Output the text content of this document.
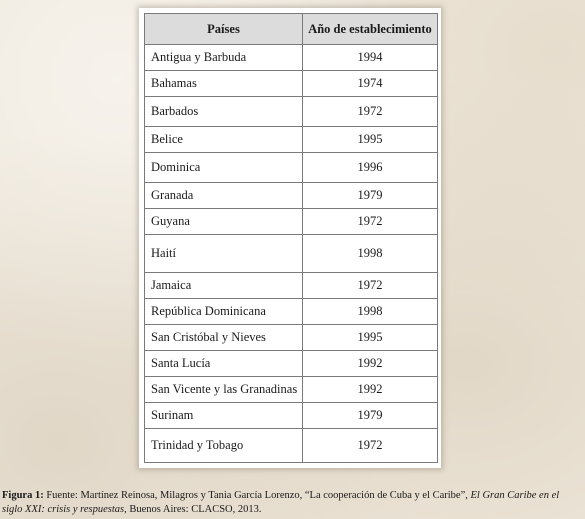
Países	Año de establecimiento
Antigua y Barbuda	1994
Bahamas	1974
Barbados	1972
Belice	1995
Dominica	1996
Granada	1979
Guyana	1972
Haití	1998
Jamaica	1972
República Dominicana	1998
San Cristóbal y Nieves	1995
Santa Lucía	1992
San Vicente y las Granadinas	1992
Surinam	1979
Trinidad y Tobago	1972
Figura 1: Fuente: Martínez Reinosa, Milagros y Tania García Lorenzo, “La cooperación de Cuba y el Caribe”, El Gran Caribe en el siglo XXI: crisis y respuestas, Buenos Aires: CLACSO, 2013.
